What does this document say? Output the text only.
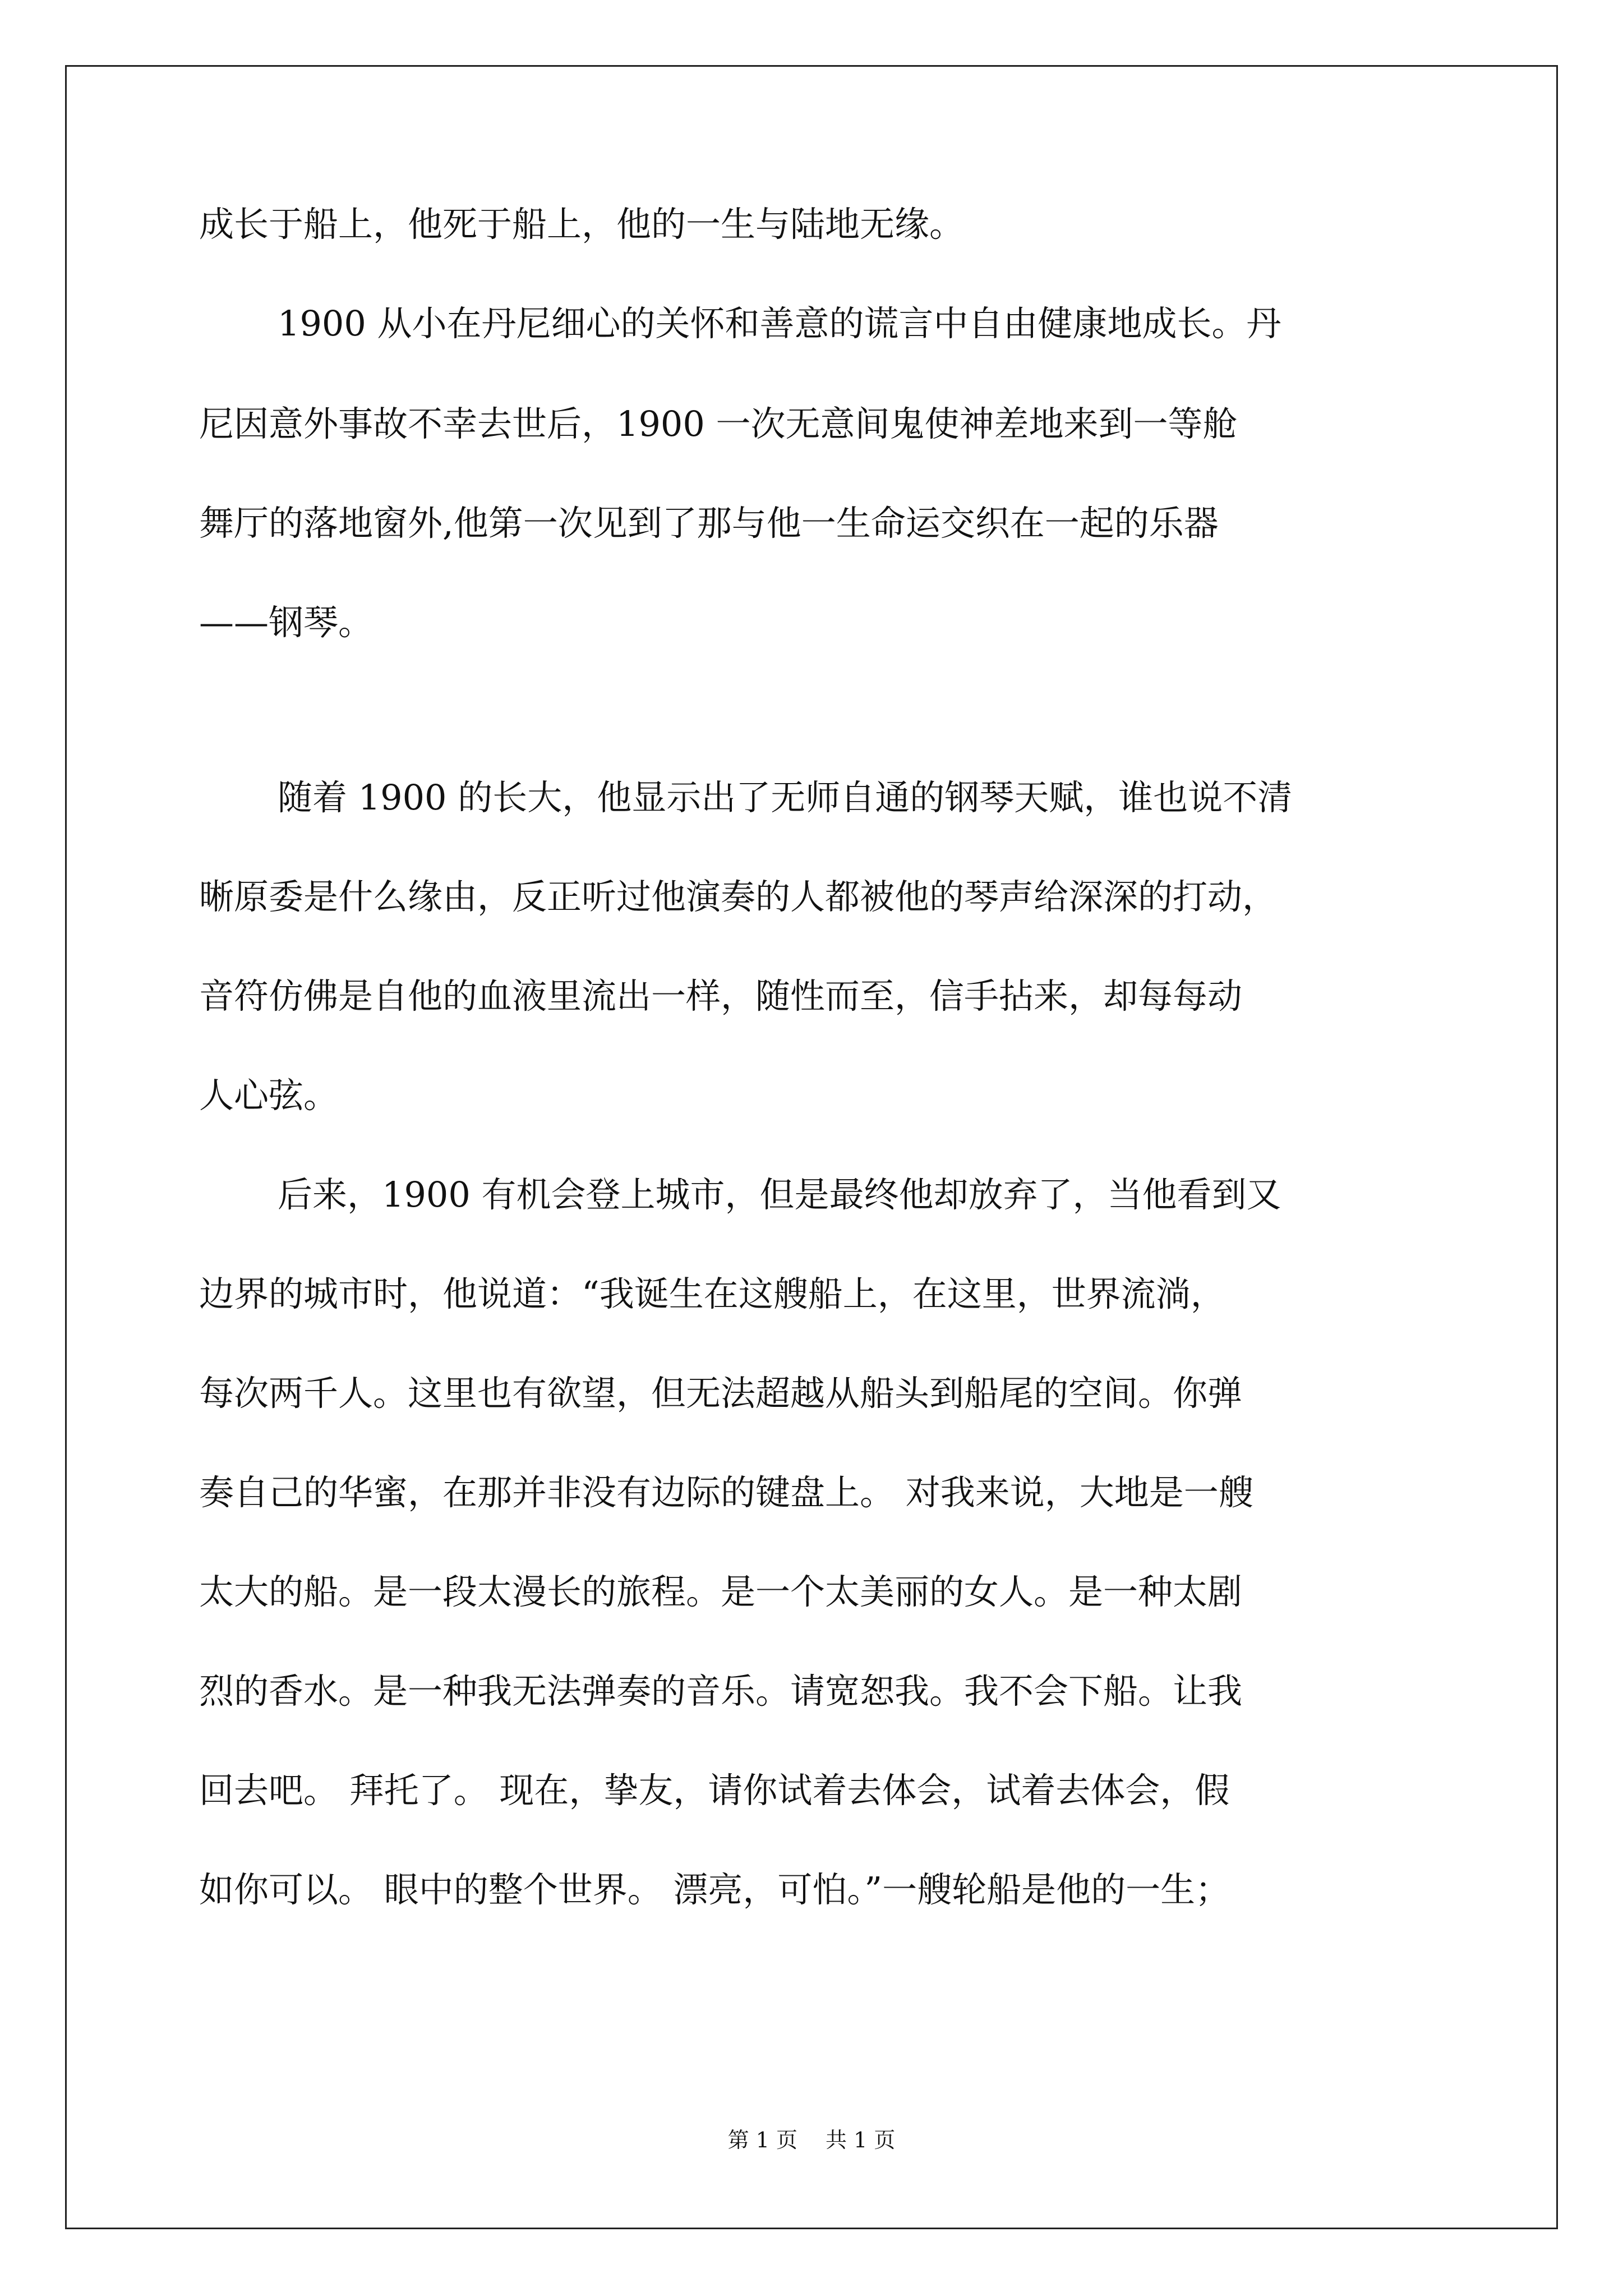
成长于船上，他死于船上，他的一生与陆地无缘。
1900 从小在丹尼细心的关怀和善意的谎言中自由健康地成长。丹
尼因意外事故不幸去世后，1900 一次无意间鬼使神差地来到一等舱
舞厅的落地窗外,他第一次见到了那与他一生命运交织在一起的乐器
——钢琴。
随着 1900 的长大，他显示出了无师自通的钢琴天赋，谁也说不清
晰原委是什么缘由，反正听过他演奏的人都被他的琴声给深深的打动，
音符仿佛是自他的血液里流出一样，随性而至，信手拈来，却每每动
人心弦。
后来，1900 有机会登上城市，但是最终他却放弃了，当他看到又
边界的城市时，他说道：“我诞生在这艘船上，在这里，世界流淌，
每次两千人。这里也有欲望，但无法超越从船头到船尾的空间。你弹
奏自己的华蜜，在那并非没有边际的键盘上。 对我来说，大地是一艘
太大的船。是一段太漫长的旅程。是一个太美丽的女人。是一种太剧
烈的香水。是一种我无法弹奏的音乐。请宽恕我。我不会下船。让我
回去吧。 拜托了。 现在，挚友，请你试着去体会，试着去体会，假
如你可以。 眼中的整个世界。 漂亮，可怕。”一艘轮船是他的一生；
第 1 页　 共 1 页
